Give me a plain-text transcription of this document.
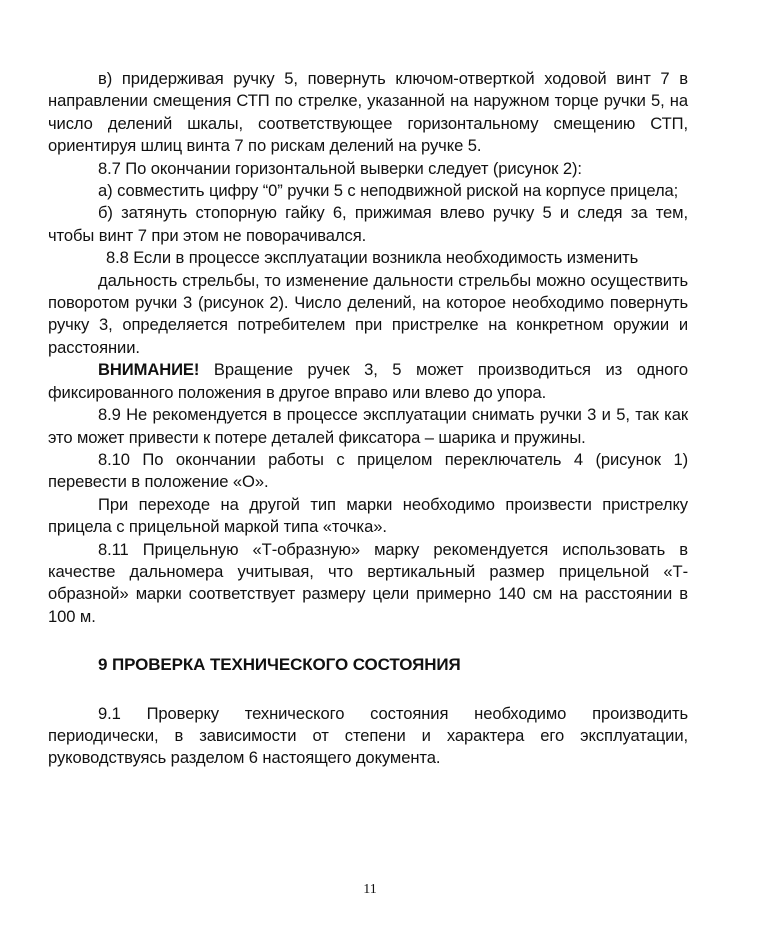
в) придерживая ручку 5, повернуть ключом-отверткой ходовой винт 7 в направлении смещения СТП по стрелке, указанной на наружном торце ручки 5, на число делений шкалы, соответствующее горизонтальному смещению СТП, ориентируя шлиц винта 7 по рискам делений на ручке 5.

8.7 По окончании горизонтальной выверки следует (рисунок 2):

а) совместить цифру “0” ручки 5 с неподвижной риской на корпусе прицела;

б) затянуть стопорную гайку 6, прижимая влево ручку 5 и следя за тем, чтобы винт 7 при этом не поворачивался.

8.8 Если в процессе эксплуатации возникла необходимость изменить

дальность стрельбы, то изменение дальности стрельбы можно осуществить поворотом ручки 3 (рисунок 2). Число делений, на которое необходимо повернуть ручку 3, определяется потребителем при пристрелке на конкретном оружии и расстоянии.

ВНИМАНИЕ! Вращение ручек 3, 5 может производиться из одного фиксированного положения в другое вправо или влево до упора.

8.9 Не рекомендуется в процессе эксплуатации снимать ручки 3 и 5, так как это может привести к потере деталей фиксатора – шарика и пружины.

8.10 По окончании работы с прицелом переключатель 4 (рисунок 1) перевести в положение «О».

При переходе на другой тип марки необходимо произвести пристрелку прицела с прицельной маркой типа «точка».

8.11 Прицельную «Т-образную» марку рекомендуется использовать в качестве дальномера учитывая, что вертикальный размер прицельной «Т-образной» марки соответствует размеру цели примерно 140 см на расстоянии в 100 м.

9 ПРОВЕРКА ТЕХНИЧЕСКОГО СОСТОЯНИЯ

9.1 Проверку технического состояния необходимо производить периодически, в зависимости от степени и характера его эксплуатации, руководствуясь разделом 6 настоящего документа.

11
